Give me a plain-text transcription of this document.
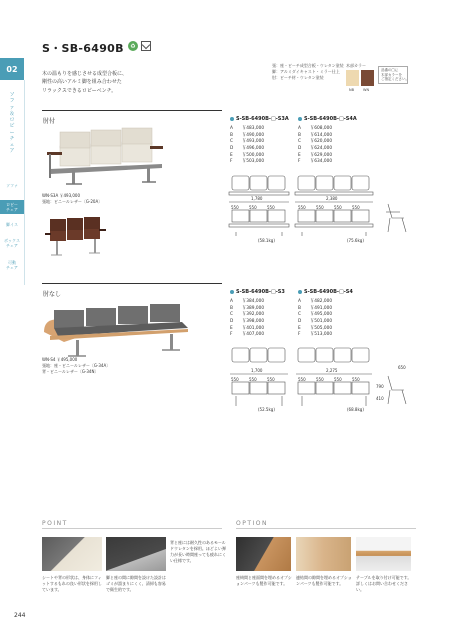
02
ソ
フ
ァ
＆
ロ
ビ
ー
チ
ェ
ア
ソファ
ロビー
チェア
脚イス
ボックス
チェア
可動
チェア
S・SB-6490B	♻
木の温もりを感じさせる成型合板に、
剛性の高いアルミ脚を組み合わせた
リラックスできるロビーベンチ。
張：座・ビーチ成型合板・ウレタン塗装
脚：アルミダイキャスト・ミラー仕上
肘：ビーチ材・ウレタン塗装
木部カラー
NB	WN
品番の□に
木部カラーを
ご指定ください。
肘付
WN-S3A ￥493,000
張地：ビニールレザー〔G-20A〕
S-SB-6490B-□-S3A
A ￥483,000
B ￥490,000
C ￥493,000
D ￥496,000
E ￥500,000
F ￥503,000
S-SB-6490B-□-S4A
A ￥608,000
B ￥614,000
C ￥620,000
D ￥624,000
E ￥629,000
F ￥634,000
1,780
550	550	550
(58.1kg)
2,380
550	550	550	550
(75.6kg)
肘なし
WN-S4 ￥495,000
張地：座・ビニールレザー〔G-34A〕
背・ビニールレザー〔G-34N〕
S-SB-6490B-□-S3
A ￥384,000
B ￥389,000
C ￥392,000
D ￥398,000
E ￥401,000
F ￥407,000
S-SB-6490B-□-S4
A ￥482,000
B ￥491,000
C ￥495,000
D ￥501,000
E ￥505,000
F ￥513,000
1,700
550	550	550
(52.5kg)
2,275
550	550	550	550
(68.8kg)
650
790
410
POINT	OPTION
シートや背の形状は、身体にフィットするもれの良い形状を採用しています。
脚と座の間に隙間を設けた設計はゴミが溜まりにくく、清掃も容易で衛生的です。
背と座には耐久性のあるモールドウレタンを採用。ほどよい弾力が長い時間座っても疲れにくい仕様です。
座椅間と座面間を埋めるオプションパーツも製作可能です。
連結間の隙間を埋めるオプションパーツも製作可能です。
テーブルを取り付け可能です。詳しくはお問い合わせください。
244
